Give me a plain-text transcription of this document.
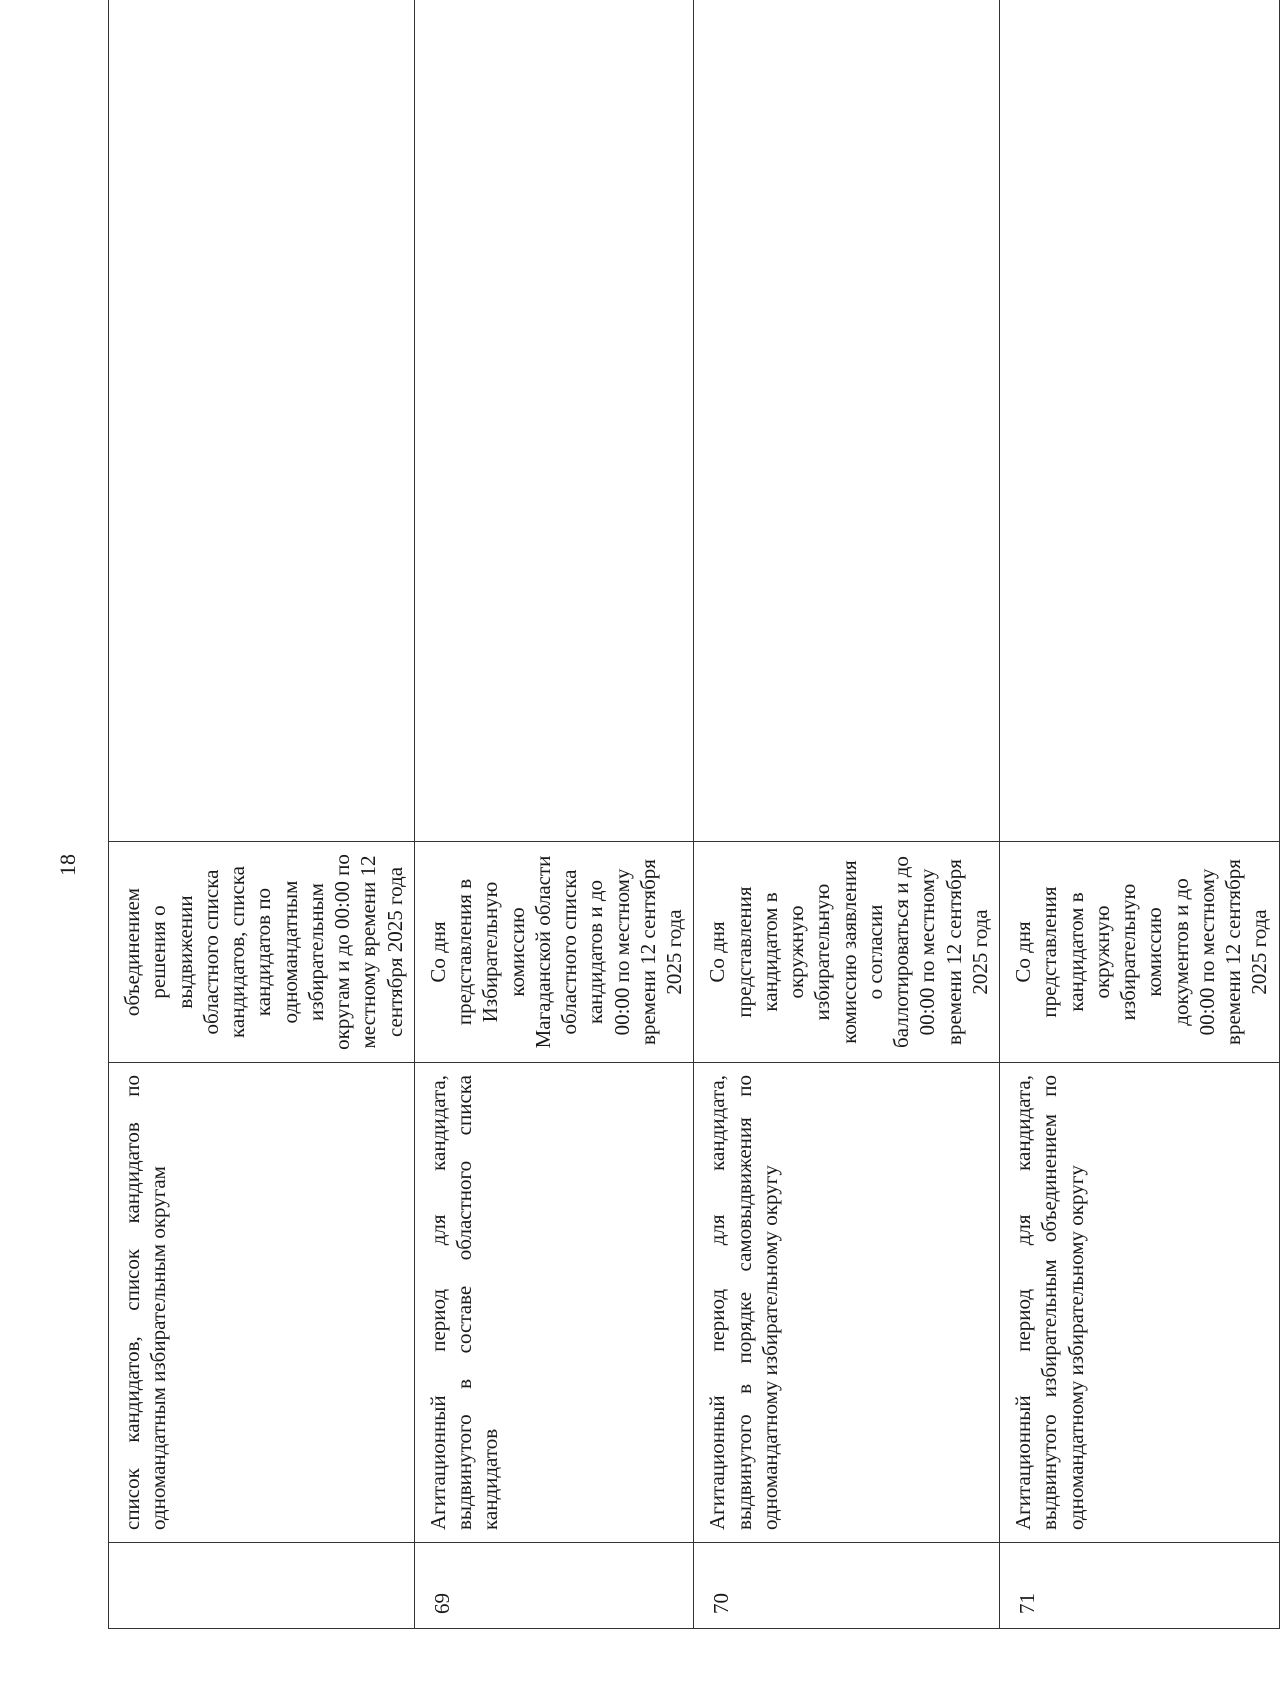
18
	список кандидатов, список кандидатов по одномандатным избирательным округам	объединением решения о выдвижении областного списка кандидатов, списка кандидатов по одномандатным избирательным округам и до 00:00 по местному времени 12 сентября 2025 года	
69	Агитационный период для кандидата, выдвинутого в составе областного списка кандидатов	Со дня представления в Избирательную комиссию Магаданской области областного списка кандидатов и до 00:00 по местному времени 12 сентября 2025 года	
70	Агитационный период для кандидата, выдвинутого в порядке самовыдвижения по одномандатному избирательному округу	Со дня представления кандидатом в окружную избирательную комиссию заявления о согласии баллотироваться и до 00:00 по местному времени 12 сентября 2025 года	
71	Агитационный период для кандидата, выдвинутого избирательным объединением по одномандатному избирательному округу	Со дня представления кандидатом в окружную избирательную комиссию документов и до 00:00 по местному времени 12 сентября 2025 года	
